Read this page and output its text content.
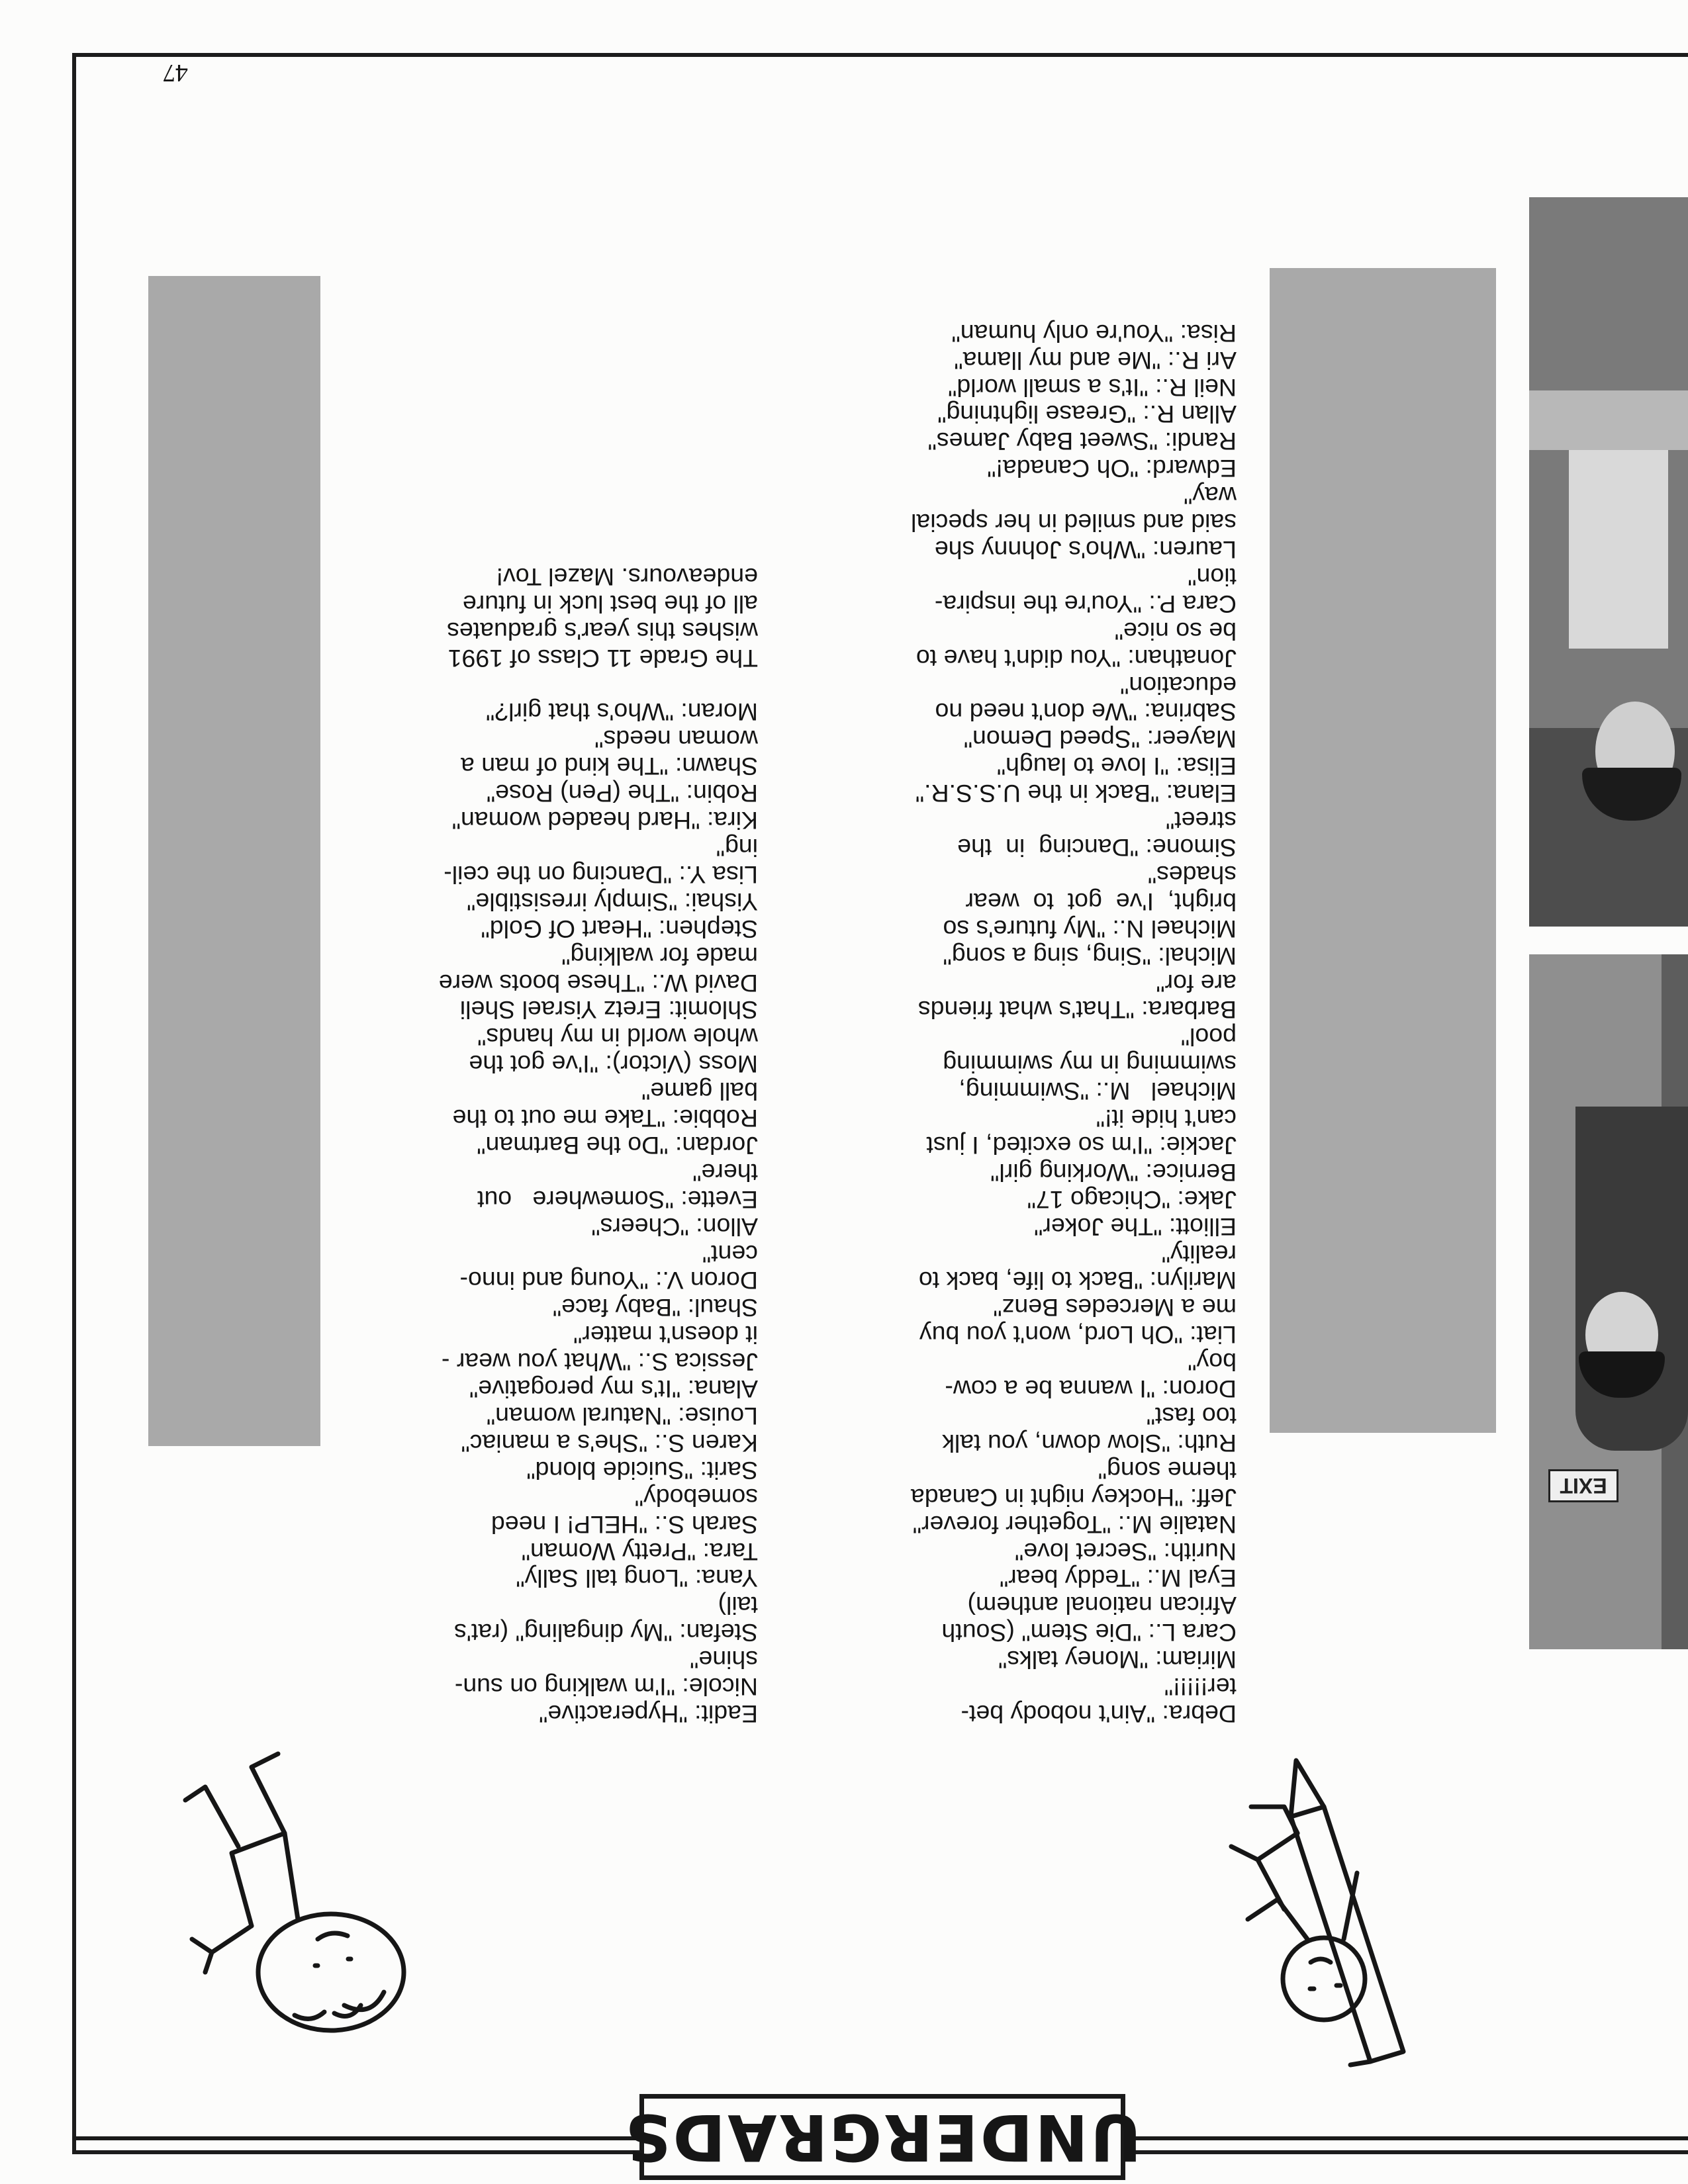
47
EXIT

Debra: "Ain't nobody bet-

ter!!!!!"

Miriam: "Money talks"

Cara L.: "Die Stem" (South

African national anthem)

Eyal M.: "Teddy bear"

Nurith: "Secret love"

Natalie M.: "Together forever"

Jeff: "Hockey night in Canada

theme song"

Ruth: "Slow down, you talk

too fast"

Doron: "I wanna be a cow-

boy"

Liat: "Oh Lord, won't you buy

me a Mercedes Benz"

Marilyn: "Back to life, back to

reality"

Elliott: "The Joker"

Jake: "Chicago 17"

Bernice: "Working girl"

Jackie: "I'm so excited, I just

can't hide it!"

Michael   M.: "Swimming,

swimming in my swimming

pool"

Barbara: "That's what friends

are for"

Michal: "Sing, sing a song"

Michael N.: "My future's so

bright,  I've  got  to  wear

shades"

Simone: "Dancing  in  the

street"

Elana: "Back in the U.S.S.R."

Elisa: "I love to laugh"

Mayeer: "Speed Demon"

Sabrina: "We don't need no

education"

Jonathan: "You didn't have to

be so nice"

Cara P.: "You're the inspira-

tion"

Lauren: "Who's Johnny she

said and smiled in her special

way"

Edward: "Oh Canada!"

Randi: "Sweet Baby James"

Allan R.: "Grease lightning"

Neil R.: "It's a small world"

Ari R.: "Me and my llama"

Risa: "You're only human"

Eadit: "Hyperactive"

Nicole: "I'm walking on sun-

shine"

Stefan: "My dingaling" (rat's

tail)

Yana: "Long tall Sally"

Tara: "Pretty Woman"

Sarah S.: "HELP! I need

somebody"

Sarit: "Suicide blond"

Karen S.: "She's a maniac"

Louise: "Natural woman"

Alana: "It's my perogative"

Jessica S.: "What you wear -

it doesn't matter"

Shaul: "Baby face"

Doron V.: "Young and inno-

cent"

Allon: "Cheers"

Evette: "Somewhere   out

there"

Jordan: "Do the Bartman"

Robbie: "Take me out to the

ball game"

Moss (Victor): "I've got the

whole world in my hands"

Shlomit: Eretz Yisrael Sheli

David W.: "These boots were

made for walking"

Stephen: "Heart Of Gold"

Yishai: "Simply irresistible"

Lisa Y.: "Dancing on the ceil-

ing"

Kira: "Hard headed woman"

Robin: "The (Pen) Rose"

Shawn: "The kind of man a

woman needs"

Moran: "Who's that girl?"

The Grade 11 Class of 1991

wishes this year's graduates

all of the best luck in future

endeavours. Mazel Tov!

UNDERGRADS
